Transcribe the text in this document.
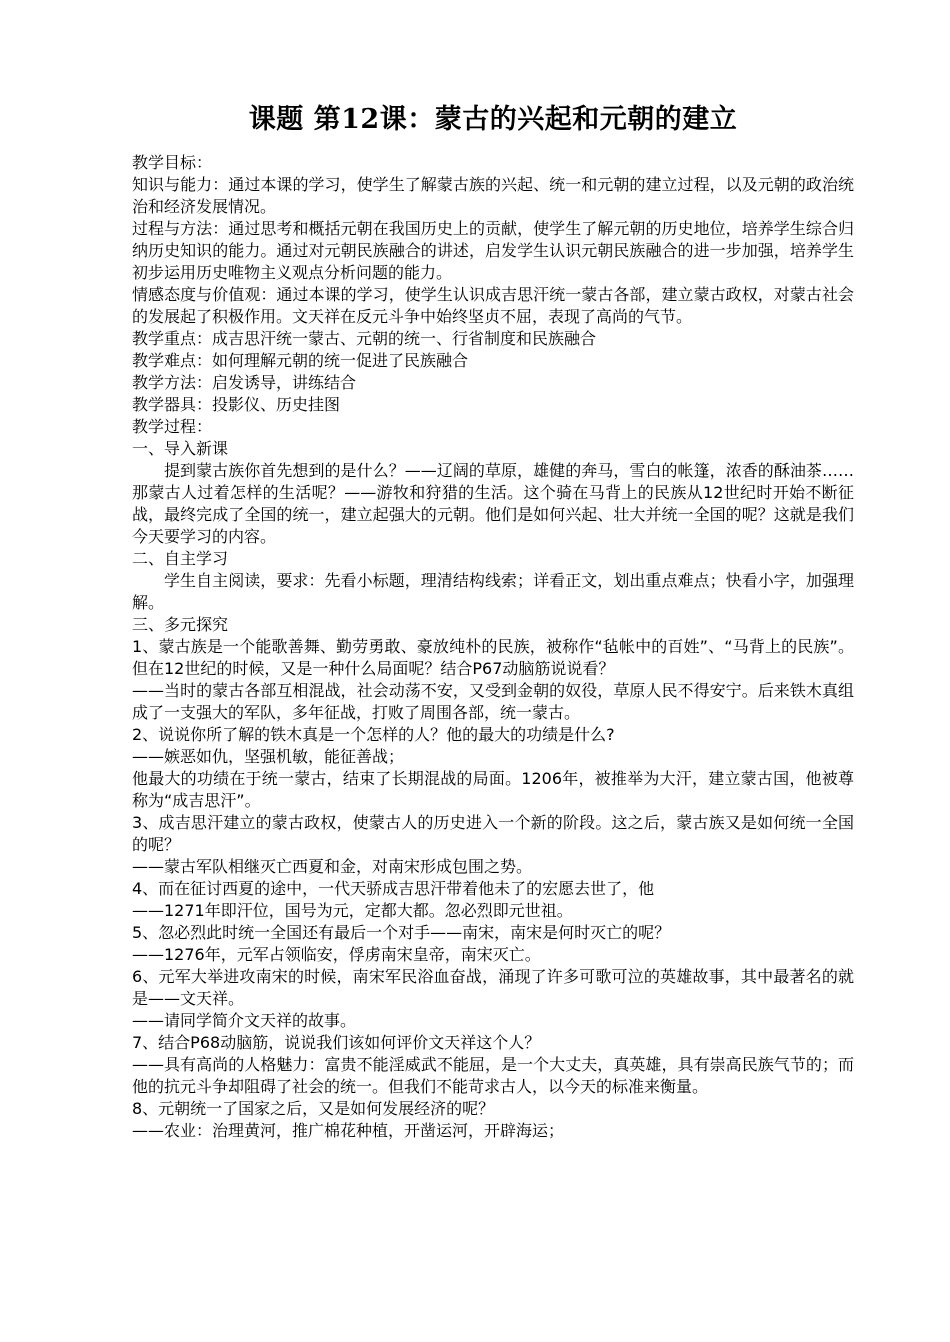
课题 第12课：蒙古的兴起和元朝的建立

教学目标：

知识与能力：通过本课的学习，使学生了解蒙古族的兴起、统一和元朝的建立过程，以及元朝的政治统治和经济发展情况。

过程与方法：通过思考和概括元朝在我国历史上的贡献，使学生了解元朝的历史地位，培养学生综合归纳历史知识的能力。通过对元朝民族融合的讲述，启发学生认识元朝民族融合的进一步加强，培养学生初步运用历史唯物主义观点分析问题的能力。

情感态度与价值观：通过本课的学习，使学生认识成吉思汗统一蒙古各部，建立蒙古政权，对蒙古社会的发展起了积极作用。文天祥在反元斗争中始终坚贞不屈，表现了高尚的气节。

教学重点：成吉思汗统一蒙古、元朝的统一、行省制度和民族融合

教学难点：如何理解元朝的统一促进了民族融合

教学方法：启发诱导，讲练结合

教学器具：投影仪、历史挂图

教学过程：

一、导入新课

提到蒙古族你首先想到的是什么？——辽阔的草原，雄健的奔马，雪白的帐篷，浓香的酥油茶……那蒙古人过着怎样的生活呢？——游牧和狩猎的生活。这个骑在马背上的民族从12世纪时开始不断征战，最终完成了全国的统一，建立起强大的元朝。他们是如何兴起、壮大并统一全国的呢？这就是我们今天要学习的内容。

二、自主学习

学生自主阅读，要求：先看小标题，理清结构线索；详看正文，划出重点难点；快看小字，加强理解。

三、多元探究

1、蒙古族是一个能歌善舞、勤劳勇敢、豪放纯朴的民族，被称作“毡帐中的百姓”、“马背上的民族”。但在12世纪的时候，又是一种什么局面呢？结合P67动脑筋说说看？

——当时的蒙古各部互相混战，社会动荡不安，又受到金朝的奴役，草原人民不得安宁。后来铁木真组成了一支强大的军队，多年征战，打败了周围各部，统一蒙古。

2、说说你所了解的铁木真是一个怎样的人？他的最大的功绩是什么?

——嫉恶如仇，坚强机敏，能征善战；

他最大的功绩在于统一蒙古，结束了长期混战的局面。1206年，被推举为大汗，建立蒙古国，他被尊称为“成吉思汗”。

3、成吉思汗建立的蒙古政权，使蒙古人的历史进入一个新的阶段。这之后，蒙古族又是如何统一全国的呢？

——蒙古军队相继灭亡西夏和金，对南宋形成包围之势。

4、而在征讨西夏的途中，一代天骄成吉思汗带着他未了的宏愿去世了，他

——1271年即汗位，国号为元，定都大都。忽必烈即元世祖。

5、忽必烈此时统一全国还有最后一个对手——南宋，南宋是何时灭亡的呢？

——1276年，元军占领临安，俘虏南宋皇帝，南宋灭亡。

6、元军大举进攻南宋的时候，南宋军民浴血奋战，涌现了许多可歌可泣的英雄故事，其中最著名的就是——文天祥。

——请同学简介文天祥的故事。

7、结合P68动脑筋，说说我们该如何评价文天祥这个人？

——具有高尚的人格魅力：富贵不能淫威武不能屈，是一个大丈夫，真英雄，具有崇高民族气节的；而他的抗元斗争却阻碍了社会的统一。但我们不能苛求古人，以今天的标准来衡量。

8、元朝统一了国家之后，又是如何发展经济的呢？

——农业：治理黄河，推广棉花种植，开凿运河，开辟海运；
